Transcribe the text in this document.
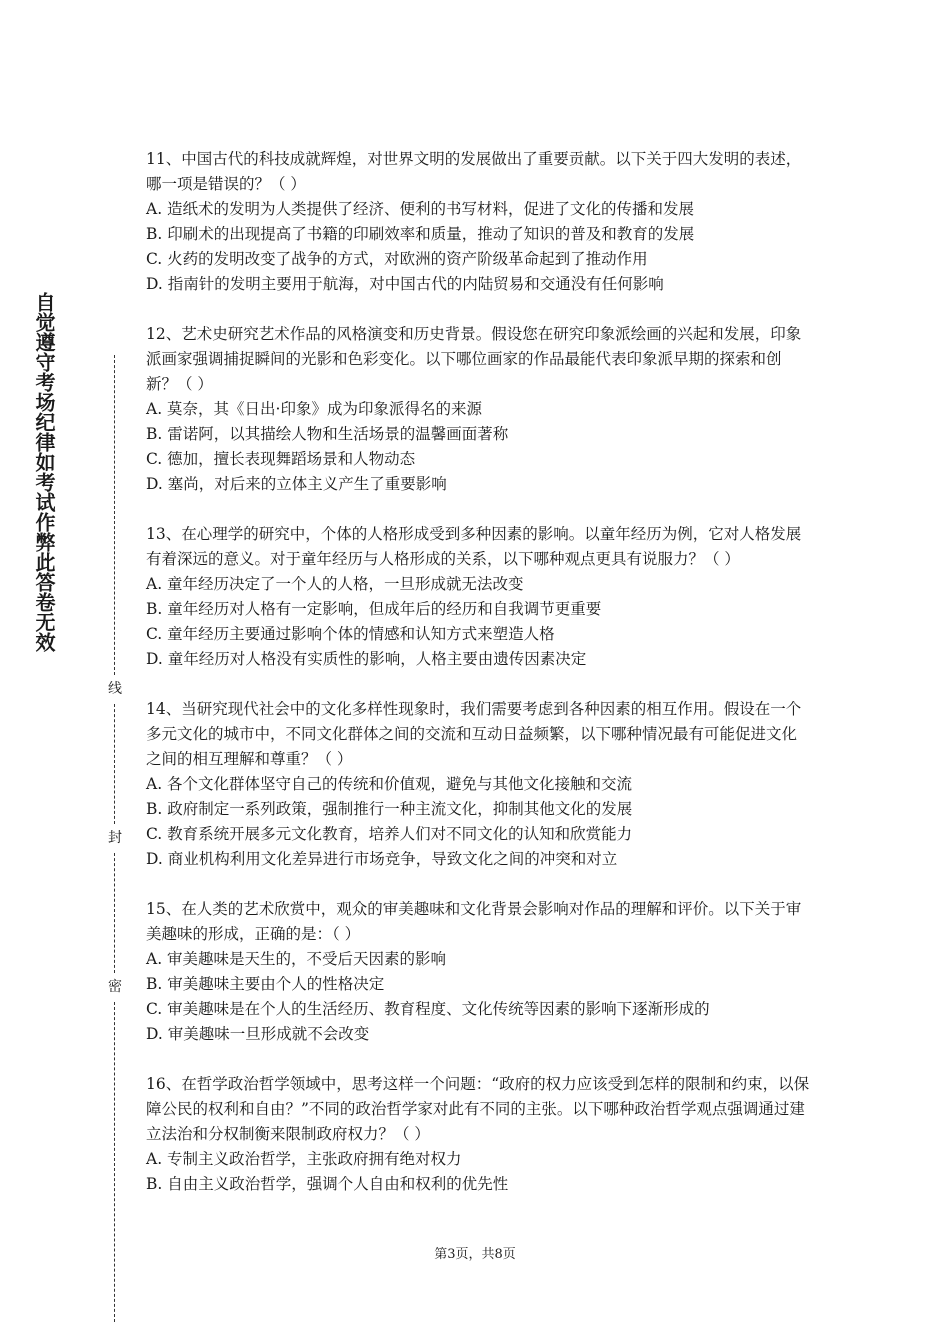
自觉遵守考场纪律如考试作弊此答卷无效
线
封
密

11、中国古代的科技成就辉煌，对世界文明的发展做出了重要贡献。以下关于四大发明的表述，哪一项是错误的？（ ）

A. 造纸术的发明为人类提供了经济、便利的书写材料，促进了文化的传播和发展

B. 印刷术的出现提高了书籍的印刷效率和质量，推动了知识的普及和教育的发展

C. 火药的发明改变了战争的方式，对欧洲的资产阶级革命起到了推动作用

D. 指南针的发明主要用于航海，对中国古代的内陆贸易和交通没有任何影响

12、艺术史研究艺术作品的风格演变和历史背景。假设您在研究印象派绘画的兴起和发展，印象派画家强调捕捉瞬间的光影和色彩变化。以下哪位画家的作品最能代表印象派早期的探索和创新？（ ）

A. 莫奈，其《日出·印象》成为印象派得名的来源

B. 雷诺阿，以其描绘人物和生活场景的温馨画面著称

C. 德加，擅长表现舞蹈场景和人物动态

D. 塞尚，对后来的立体主义产生了重要影响

13、在心理学的研究中，个体的人格形成受到多种因素的影响。以童年经历为例，它对人格发展有着深远的意义。对于童年经历与人格形成的关系，以下哪种观点更具有说服力？（ ）

A. 童年经历决定了一个人的人格，一旦形成就无法改变

B. 童年经历对人格有一定影响，但成年后的经历和自我调节更重要

C. 童年经历主要通过影响个体的情感和认知方式来塑造人格

D. 童年经历对人格没有实质性的影响，人格主要由遗传因素决定

14、当研究现代社会中的文化多样性现象时，我们需要考虑到各种因素的相互作用。假设在一个多元文化的城市中，不同文化群体之间的交流和互动日益频繁，以下哪种情况最有可能促进文化之间的相互理解和尊重？（ ）

A. 各个文化群体坚守自己的传统和价值观，避免与其他文化接触和交流

B. 政府制定一系列政策，强制推行一种主流文化，抑制其他文化的发展

C. 教育系统开展多元文化教育，培养人们对不同文化的认知和欣赏能力

D. 商业机构利用文化差异进行市场竞争，导致文化之间的冲突和对立

15、在人类的艺术欣赏中，观众的审美趣味和文化背景会影响对作品的理解和评价。以下关于审美趣味的形成，正确的是：（ ）

A. 审美趣味是天生的，不受后天因素的影响

B. 审美趣味主要由个人的性格决定

C. 审美趣味是在个人的生活经历、教育程度、文化传统等因素的影响下逐渐形成的

D. 审美趣味一旦形成就不会改变

16、在哲学政治哲学领域中，思考这样一个问题：“政府的权力应该受到怎样的限制和约束，以保障公民的权利和自由？”不同的政治哲学家对此有不同的主张。以下哪种政治哲学观点强调通过建立法治和分权制衡来限制政府权力？（ ）

A. 专制主义政治哲学，主张政府拥有绝对权力

B. 自由主义政治哲学，强调个人自由和权利的优先性

第3页，共8页
